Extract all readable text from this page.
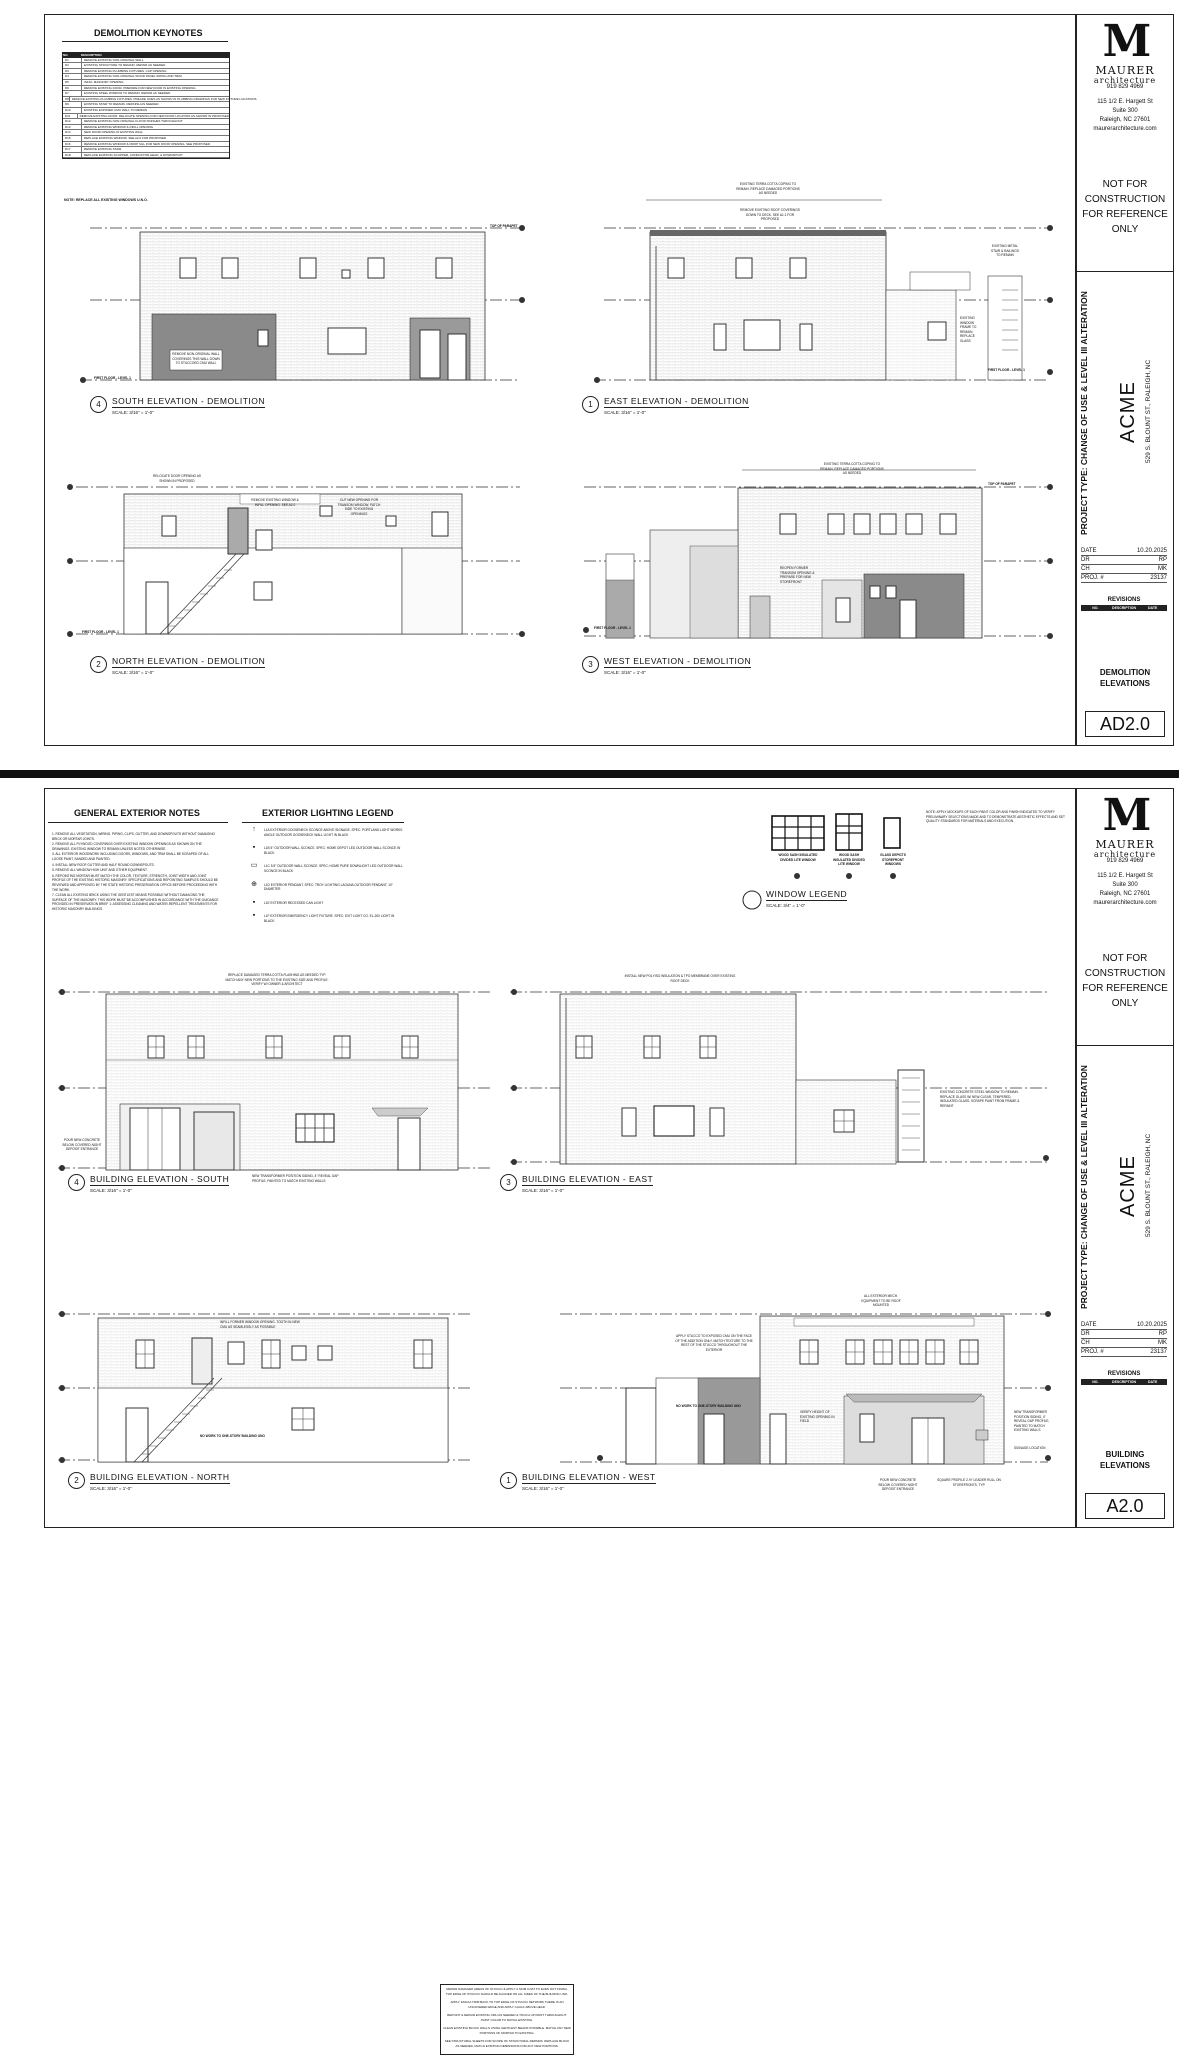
DEMOLITION KEYNOTES
NO.	DESCRIPTION
D1	REMOVE EXISTING NON-ORIGINAL WALL
D2	EXISTING STRUCTURE TO REMAIN. REPAIR AS NEEDED
D3	REMOVE EXISTING PLUMBING FIXTURES. CAP OPENING
D4	REMOVE EXISTING NON-ORIGINAL WOOD PANEL SIDING AND TRIM
D5	INFILL MASONRY OPENING
D6	REMOVE EXISTING DOOR. PREPARE FOR NEW DOOR IN EXISTING OPENING
D7	EXISTING STEEL WINDOW TO REMAIN. REPAIR AS NEEDED
D8	REMOVE EXISTING PLUMBING FIXTURES. PREADE LINES AS SHOWN IN PLUMBING DRAWINGS FOR NEW FIXTURE LOCATIONS
D9	EXISTING STAIR TO REMAIN. REFINISH AS NEEDED
D10	EXISTING EXPOSED CMU WALL TO REMAIN
D11	REMOVE EXISTING DOOR. RELOCATE OPENING FOR NEW DOOR LOCATION AS SHOWN IN PROPOSED
D12	REMOVE EXISTING NON-ORIGINAL FLOOR FINISHES THROUGHOUT
D13	REMOVE EXISTING WINDOW & INFILL OPENING
D14	NEW DOOR OPENING IN EXISTING WALL
D15	REPLACE EXISTING WINDOW. SEE A2.0 FOR PROPOSED
D16	REMOVE EXISTING WINDOW & DROP SILL FOR NEW DOOR OPENING. SEE PROPOSED
D17	REMOVE EXISTING STAIR
D18	REPLACE EXISTING SCUPPER, CONDUCTOR HEAD, & DOWNSPOUT
NOTE: REPLACE ALL EXISTING WINDOWS U.N.O.
EXISTING TERRA COTTA COPING TO REMAIN. REPLACE DAMAGED PORTIONS AS NEEDED
REMOVE EXISTING ROOF COVERINGS DOWN TO DECK. SEE A1.1 FOR PROPOSED
EXISTING METAL STAIR & RAILINGS TO REMAIN
EXISTING WINDOW FRAME TO REMAIN. REPLACE GLASS
REMOVE NON-ORIGINAL WALL COVERINGS THIS WALL DOWN TO STUCCOED CMU WALL
RELOCATE DOOR OPENING AS SHOWN IN PROPOSED
REMOVE EXISTING WINDOW & INFILL OPENING. SEE A2.0
CUT NEW OPENING FOR TRANSOM WINDOW. PATCH SIDE TO EXISTING OPENINGS
EXISTING TERRA COTTA COPING TO REMAIN. REPLACE DAMAGED PORTIONS AS NEEDED
REOPEN FORMER TRANSOM OPENING & PREPARE FOR NEW STOREFRONT
FIRST FLOOR - LEVEL 1
TOP OF PARAPET
FIRST FLOOR - LEVEL 1
FIRST FLOOR - LEVEL 1
FIRST FLOOR - LEVEL 1
TOP OF PARAPET
4	SOUTH ELEVATION - DEMOLITION
SCALE: 3/16" = 1'-0"
1	EAST ELEVATION - DEMOLITION
SCALE: 3/16" = 1'-0"
2	NORTH ELEVATION - DEMOLITION
SCALE: 3/16" = 1'-0"
3	WEST ELEVATION - DEMOLITION
SCALE: 3/16" = 1'-0"
M
MAURER
architecture
919 829 4969
115 1/2 E. Hargett St
Suite 300
Raleigh, NC 27601
maurerarchitecture.com
NOT FOR
CONSTRUCTION
FOR REFERENCE
ONLY
PROJECT TYPE: CHANGE OF USE & LEVEL III ALTERATION ACME 529 S. BLOUNT ST., RALEIGH, NC
DATE	10.20.2025
DR	RP
CH	MK
PROJ. #	23137
REVISIONS
NO.	DESCRIPTION	DATE
DEMOLITION
ELEVATIONS
AD2.0
GENERAL EXTERIOR NOTES
1. REMOVE ALL VEGETATION, WIRING, PIPING, CLIPS, GUTTER, AND DOWNSPOUTS WITHOUT DAMAGING BRICK OR MORTAR JOINTS.
2. REMOVE ALL PLYWOOD COVERINGS OVER EXISTING WINDOW OPENINGS AS SHOWN ON THE DRAWINGS. EXISTING WINDOW TO REMAIN UNLESS NOTED OTHERWISE.
3. ALL EXTERIOR WOODWORK INCLUDING DOORS, WINDOWS, AND TRIM SHALL BE SCRAPED OF ALL LOOSE PAINT, SANDED AND PAINTED.
4. INSTALL NEW ROOF GUTTER AND HALF ROUND DOWNSPOUTS.
5. REMOVE ALL WINDOW HIGH UNIT AND OTHER EQUIPMENT.
6. REPOINTING MORTAR MUST MATCH THE COLOR, TEXTURE, STRENGTH, JOINT WIDTH AND JOINT PROFILE OF THE EXISTING HISTORIC MASONRY. SPECIFICATIONS AND REPOINTING SAMPLES SHOULD BE REVIEWED AND APPROVED BY THE STATE HISTORIC PRESERVATION OFFICE BEFORE PROCEEDING WITH THE WORK.
7. CLEAN ALL EXISTING BRICK USING THE GENTLEST MEANS POSSIBLE WITHOUT DAMAGING THE SURFACE OF THE MASONRY. THIS WORK MUST BE ACCOMPLISHED IN ACCORDANCE WITH THE GUIDANCE PROVIDED IN PRESERVATION BRIEF 1: ASSESSING CLEANING AND WATER-REPELLENT TREATMENTS FOR HISTORIC MASONRY BUILDINGS.
EXTERIOR LIGHTING LEGEND
↑	L1A EXTERIOR GOOSENECK SCONCE ABOVE SIGNAGE. SPEC: PORTLAND LIGHT WORKS ANGLE OUTDOOR GOOSENECK WALL LIGHT IN BLACK
▪	L1B 5" OUTDOOR WALL SCONCE. SPEC: HOME DEPOT LED OUTDOOR WALL SCONCE IN BLACK
▭	L1C 5.5" OUTDOOR WALL SCONCE. SPEC: HOME PURE DOWNLIGHT LED OUTDOOR WALL SCONCE IN BLACK
⊕	L1D EXTERIOR PENDANT. SPEC: TROY LIGHTING LAGUNA OUTDOOR PENDANT, 10" DIAMETER
▪	L1E EXTERIOR RECESSED CAN LIGHT
▪	L1F EXTERIOR EMERGENCY LIGHT FIXTURE. SPEC: EXIT LIGHT CO. EL-200 LIGHT IN BLACK
NOTE: APPLY MOCKUPS OF EACH PAINT COLOR AND FINISH INDICATED TO VERIFY PRELIMINARY SELECTIONS MADE AND TO DEMONSTRATE AESTHETIC EFFECTS AND SET QUALITY STANDARDS FOR MATERIALS AND EXECUTION.
WINDOW LEGEND
SCALE: 3/4" = 1'-0"
WOOD SASH INSULATED DIVIDED LITE WINDOW
WOOD SASH INSULATED DIVIDED LITE WINDOW
GLASS DEPICTS STOREFRONT WINDOWS
REPLACE DAMAGED TERRA COTTA FLASHING AS NEEDED TYP. MATCH ANY NEW PORTIONS TO THE EXISTING SIZE AND PROFILE. VERIFY W/ OWNER & ARCHITECT
POUR NEW CONCRETE BELOW COVERED NIGHT DEPOSIT ENTRANCE
NEW TRANSFORMER POSITION SIDING, 4" REVEAL GAP PROFILE, PAINTED TO MATCH EXISTING WALLS
INSTALL NEW POLYISO INSULATION & TPO MEMBRANE OVER EXISTING ROOF DECK
EXISTING CONCRETE STEEL WINDOW TO REMAIN. REPLACE GLASS W/ NEW CLEAR, TEMPERED, INSULATED GLASS. SCRAPE PAINT FROM FRAME & REPAINT
INFILL FORMER WINDOW OPENING. TOOTH IN NEW CMU AS SEAMLESSLY AS POSSIBLE
NO WORK TO ONE-STORY BUILDING UNO
ALL EXTERIOR MECH. EQUIPMENT TO BE ROOF MOUNTED
APPLY STUCCO TO EXPOSED CMU ON THE FACE OF THE ADDITION ONLY. MATCH TEXTURE TO THE REST OF THE STUCCO THROUGHOUT THE EXTERIOR
NO WORK TO ONE-STORY BUILDING UNO
VERIFY HEIGHT OF EXISTING OPENING IN FIELD
NEW TRANSFORMER POSITION SIDING, 4" REVEAL GAP PROFILE, PAINTED TO MATCH EXISTING WALLS
SIGNAGE LOCATION
POUR NEW CONCRETE BELOW COVERED NIGHT DEPOSIT ENTRANCE
SQUARE PROFILE 2-½" LEADER RULL ON STOREFRONTS, TYP.

REPAIR DAMAGED AREAS OF STUCCO & APPLY A SKIM COAT TO EVEN OUT FINISH. TOP EDGE OF STUCCO SHOULD BE ALIGNED ON ALL SIDES OF THE BUILDING UNO.

APPLY FASCIA TRIM BACK TO TOP EDGE OF STUCCO NETWORK THERE IS AN UNCOVERED EDGE AND APPLY CAULK ABOVE HEAD.

REPOINT & REPAIR EXISTING CMU AS NEEDED & TOUCH UP PAINT THROUGHOUT. PAINT COLOR TO MATCH EXISTING.

CLEAN EXISTING BLOCK WALLS USING GENTLEST MEANS POSSIBLE. MATCH ANY NEW PORTIONS OF MORTAR TO EXISTING.

SEE STRUCTURAL SHEETS FOR SCOPE OF STRUCTURAL REPAIRS. REPLACE BLOCK AS NEEDED, MATCH EXISTING DIMENSIONS FOR ANY NEW PORTIONS.

4	BUILDING ELEVATION - SOUTH
SCALE: 3/16" = 1'-0"
3	BUILDING ELEVATION - EAST
SCALE: 3/16" = 1'-0"
2	BUILDING ELEVATION - NORTH
SCALE: 3/16" = 1'-0"
1	BUILDING ELEVATION - WEST
SCALE: 3/16" = 1'-0"
M
MAURER
architecture
919 829 4969
115 1/2 E. Hargett St
Suite 300
Raleigh, NC 27601
maurerarchitecture.com
NOT FOR
CONSTRUCTION
FOR REFERENCE
ONLY
PROJECT TYPE: CHANGE OF USE & LEVEL III ALTERATION ACME 529 S. BLOUNT ST., RALEIGH, NC
DATE	10.20.2025
DR	RP
CH	MK
PROJ. #	23137
REVISIONS
NO.	DESCRIPTION	DATE
BUILDING
ELEVATIONS
A2.0
